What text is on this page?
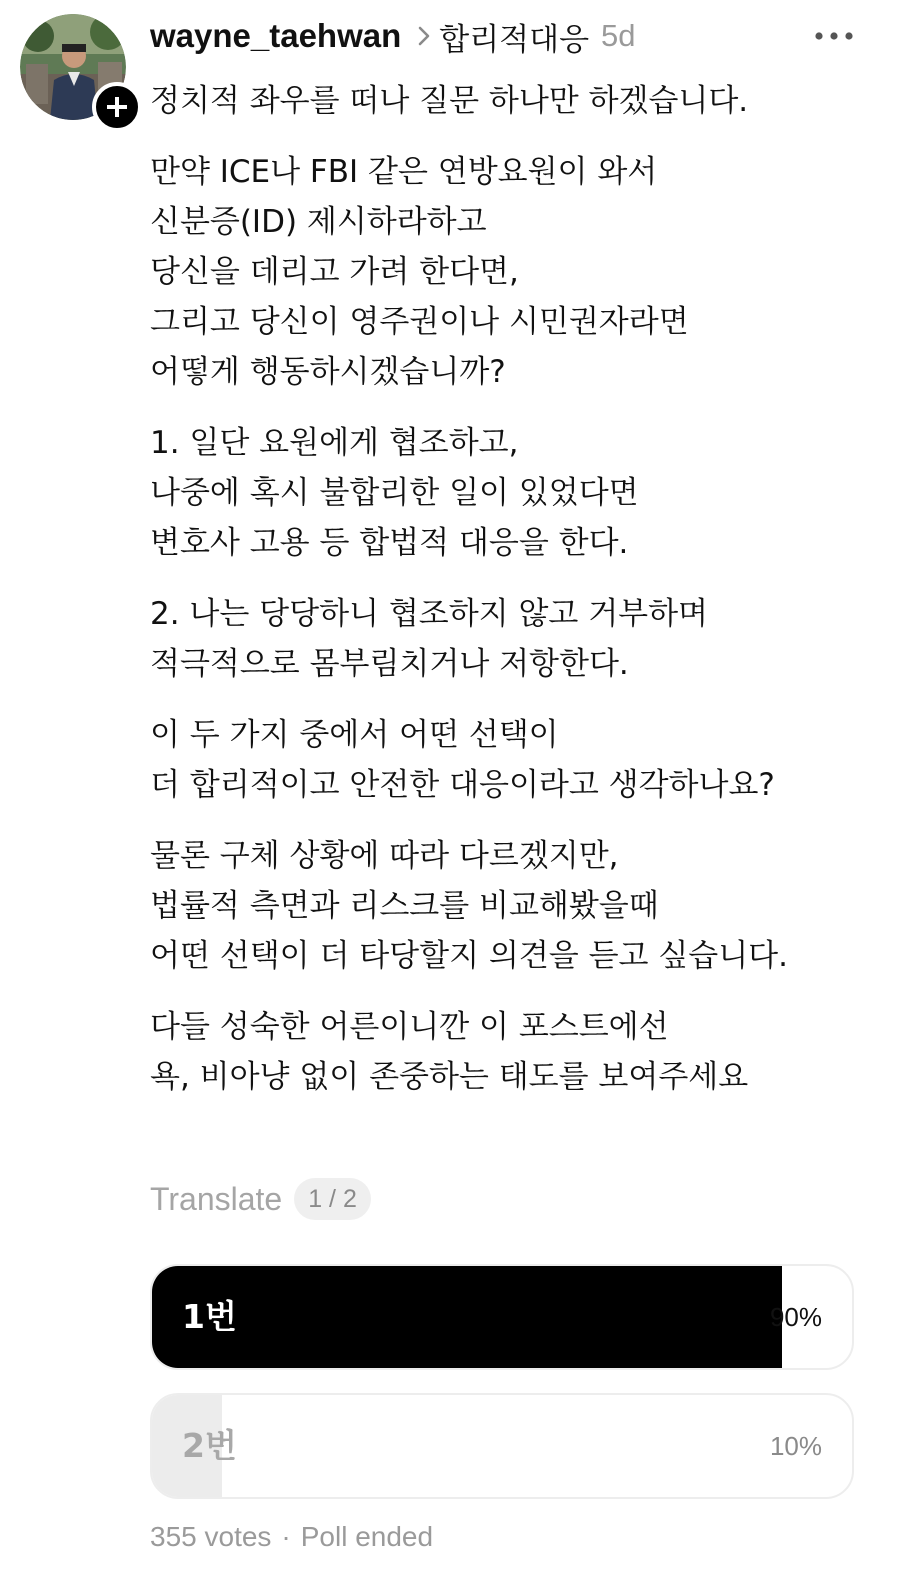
wayne_taehwan 합리적대응 5d

정치적 좌우를 떠나 질문 하나만 하겠습니다.

만약 ICE나 FBI 같은 연방요원이 와서
신분증(ID) 제시하라하고
당신을 데리고 가려 한다면,
그리고 당신이 영주권이나 시민권자라면
어떻게 행동하시겠습니까?

1. 일단 요원에게 협조하고,
나중에 혹시 불합리한 일이 있었다면
변호사 고용 등 합법적 대응을 한다.

2. 나는 당당하니 협조하지 않고 거부하며
적극적으로 몸부림치거나 저항한다.

이 두 가지 중에서 어떤 선택이
더 합리적이고 안전한 대응이라고 생각하나요?

물론 구체 상황에 따라 다르겠지만,
법률적 측면과 리스크를 비교해봤을때
어떤 선택이 더 타당할지 의견을 듣고 싶습니다.

다들 성숙한 어른이니깐 이 포스트에선
욕, 비아냥 없이 존중하는 태도를 보여주세요

Translate	1 / 2
1번	90%
2번	10%
355 votes · Poll ended
